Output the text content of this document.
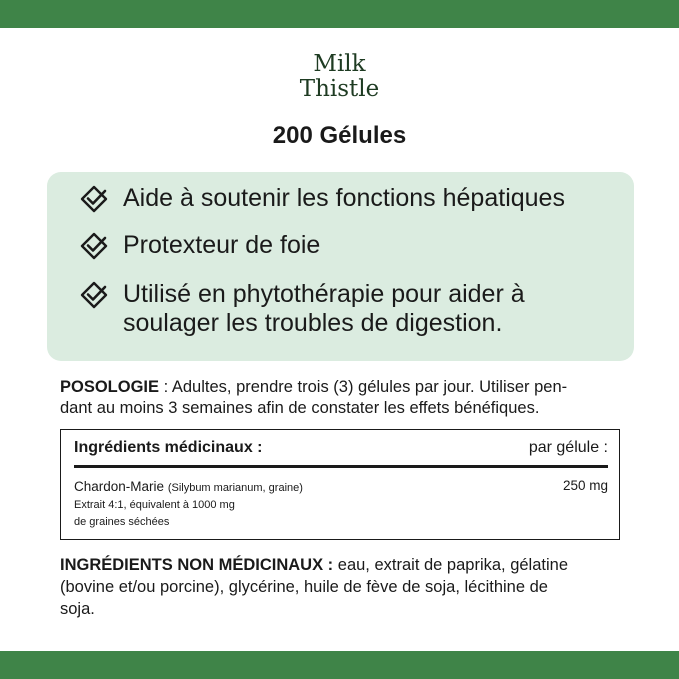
Milk
Thistle
200 Gélules
Aide à soutenir les fonctions hépatiques
Protexteur de foie
Utilisé en phytothérapie pour aider à
soulager les troubles de digestion.
POSOLOGIE : Adultes, prendre trois (3) gélules par jour. Utiliser pen-
dant au moins 3 semaines afin de constater les effets bénéfiques.
Ingrédients médicinaux :	par gélule :
Chardon-Marie (Silybum marianum, graine)
Extrait 4:1, équivalent à 1000 mg
de graines séchées
250 mg
INGRÉDIENTS NON MÉDICINAUX : eau, extrait de paprika, gélatine
(bovine et/ou porcine), glycérine, huile de fève de soja, lécithine de
soja.
